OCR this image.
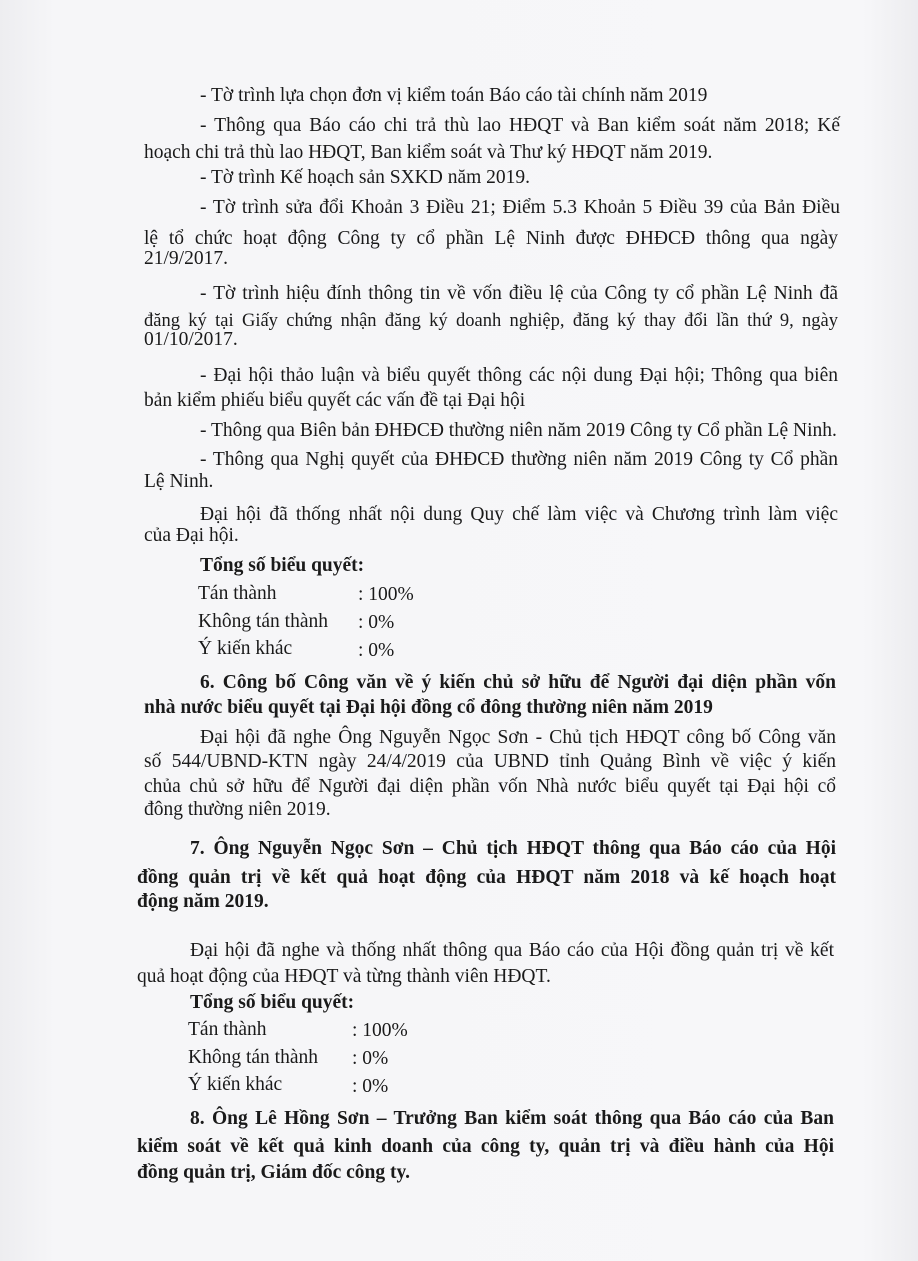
- Tờ trình lựa chọn đơn vị kiểm toán Báo cáo tài chính năm 2019
- Thông qua Báo cáo chi trả thù lao HĐQT và Ban kiểm soát năm 2018; Kế
hoạch chi trả thù lao HĐQT, Ban kiểm soát và Thư ký HĐQT năm 2019.
- Tờ trình Kế hoạch sản SXKD năm 2019.
- Tờ trình sửa đổi Khoản 3 Điều 21; Điểm 5.3 Khoản 5 Điều 39 của Bản Điều
lệ tổ chức hoạt động Công ty cổ phần Lệ Ninh được ĐHĐCĐ thông qua ngày
21/9/2017.
- Tờ trình hiệu đính thông tin về vốn điều lệ của Công ty cổ phần Lệ Ninh đã
đăng ký tại Giấy chứng nhận đăng ký doanh nghiệp, đăng ký thay đổi lần thứ 9, ngày
01/10/2017.
- Đại hội thảo luận và biểu quyết thông các nội dung Đại hội; Thông qua biên
bản kiểm phiếu biểu quyết các vấn đề tại Đại hội
- Thông qua Biên bản ĐHĐCĐ thường niên năm 2019 Công ty Cổ phần Lệ Ninh.
- Thông qua Nghị quyết của ĐHĐCĐ thường niên năm 2019 Công ty Cổ phần
Lệ Ninh.
Đại hội đã thống nhất nội dung Quy chế làm việc và Chương trình làm việc
của Đại hội.
Tổng số biểu quyết:
Tán thành	: 100%
Không tán thành : 0%
Ý kiến khác	: 0%
6. Công bố Công văn về ý kiến chủ sở hữu để Người đại diện phần vốn
nhà nước biểu quyết tại Đại hội đồng cổ đông thường niên năm 2019
Đại hội đã nghe Ông Nguyễn Ngọc Sơn - Chủ tịch HĐQT công bố Công văn
số 544/UBND-KTN ngày 24/4/2019 của UBND tỉnh Quảng Bình về việc ý kiến
chủa chủ sở hữu để Người đại diện phần vốn Nhà nước biểu quyết tại Đại hội cổ
đông thường niên 2019.
7. Ông Nguyễn Ngọc Sơn – Chủ tịch HĐQT thông qua Báo cáo của Hội
đồng quản trị về kết quả hoạt động của HĐQT năm 2018 và kế hoạch hoạt
động năm 2019.
Đại hội đã nghe và thống nhất thông qua Báo cáo của Hội đồng quản trị về kết
quả hoạt động của HĐQT và từng thành viên HĐQT.
Tổng số biểu quyết:
Tán thành	: 100%
Không tán thành : 0%
Ý kiến khác	: 0%
8. Ông Lê Hồng Sơn – Trưởng Ban kiểm soát thông qua Báo cáo của Ban
kiểm soát về kết quả kinh doanh của công ty, quản trị và điều hành của Hội
đồng quản trị, Giám đốc công ty.
